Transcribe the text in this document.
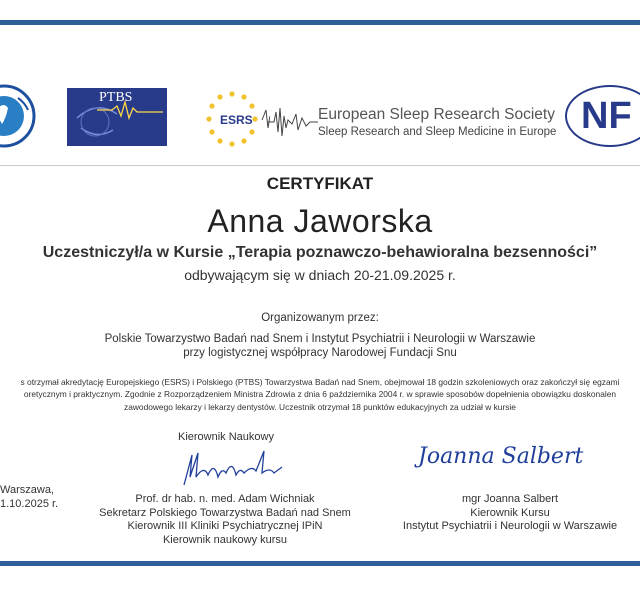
PTBS
ESRS	European Sleep Research Society
Sleep Research and Sleep Medicine in Europe NF
CERTYFIKAT
Anna Jaworska
Uczestniczył/a w Kursie „Terapia poznawczo-behawioralna bezsenności”
odbywającym się w dniach 20-21.09.2025 r.
Organizowanym przez:
Polskie Towarzystwo Badań nad Snem i Instytut Psychiatrii i Neurologii w Warszawie
przy logistycznej współpracy Narodowej Fundacji Snu
s otrzymał akredytację Europejskiego (ESRS) i Polskiego (PTBS) Towarzystwa Badań nad Snem, obejmował 18 godzin szkoleniowych oraz zakończył się egzami
oretycznym i praktycznym. Zgodnie z Rozporządzeniem Ministra Zdrowia z dnia 6 października 2004 r. w sprawie sposobów dopełnienia obowiązku doskonalen
zawodowego lekarzy i lekarzy dentystów. Uczestnik otrzymał 18 punktów edukacyjnych za udział w kursie
Kierownik Naukowy
Warszawa,
1.10.2025 r.	Prof. dr hab. n. med. Adam Wichniak
Sekretarz Polskiego Towarzystwa Badań nad Snem
Kierownik III Kliniki Psychiatrycznej IPiN
Kierownik naukowy kursu
Joanna Salbert
mgr Joanna Salbert
Kierownik Kursu
Instytut Psychiatrii i Neurologii w Warszawie
